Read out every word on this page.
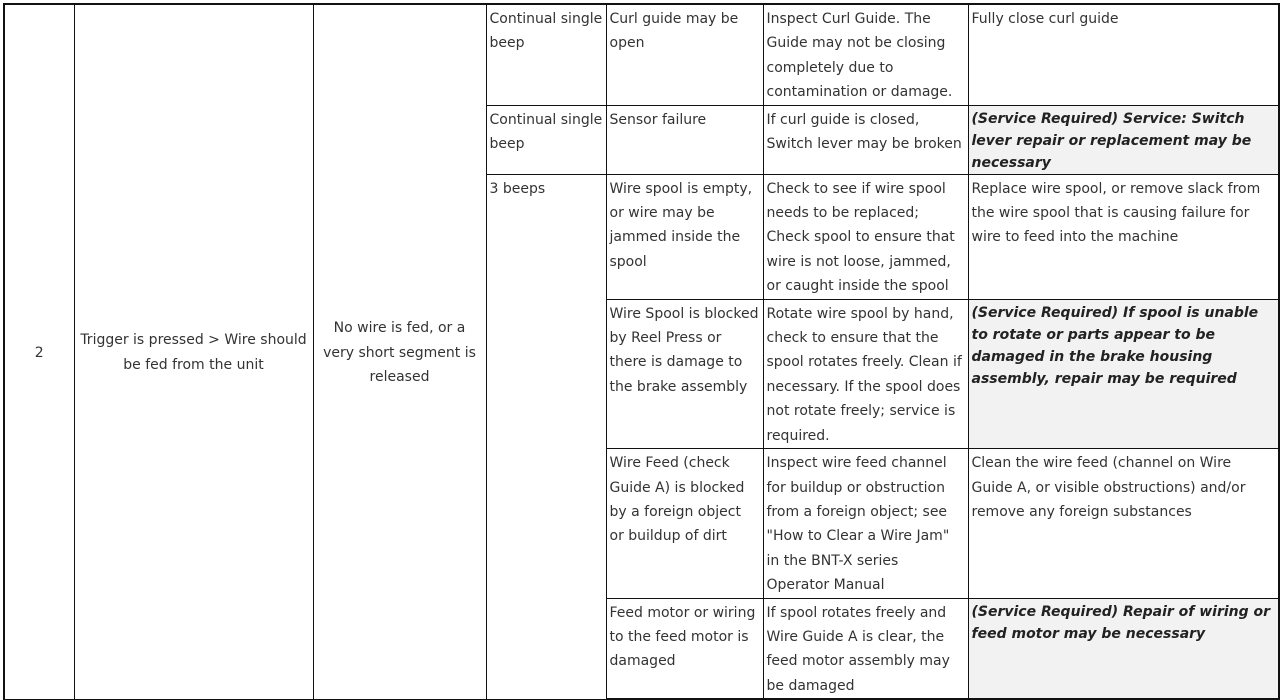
2	Trigger is pressed > Wire should be fed from the unit	No wire is fed, or a very short segment is released	Continual single beep	Curl guide may be open	Inspect Curl Guide. The Guide may not be closing completely due to contamination or damage.	Fully close curl guide
			Continual single beep	Sensor failure	If curl guide is closed, Switch lever may be broken	(Service Required) Service: Switch lever repair or replacement may be necessary
			3 beeps	Wire spool is empty, or wire may be jammed inside the spool	Check to see if wire spool needs to be replaced; Check spool to ensure that wire is not loose, jammed, or caught inside the spool	Replace wire spool, or remove slack from the wire spool that is causing failure for wire to feed into the machine
				Wire Spool is blocked by Reel Press or there is damage to the brake assembly	Rotate wire spool by hand, check to ensure that the spool rotates freely. Clean if necessary. If the spool does not rotate freely; service is required.	(Service Required) If spool is unable to rotate or parts appear to be damaged in the brake housing assembly, repair may be required
				Wire Feed (check Guide A) is blocked by a foreign object or buildup of dirt	Inspect wire feed channel for buildup or obstruction from a foreign object; see "How to Clear a Wire Jam" in the BNT-X series Operator Manual	Clean the wire feed (channel on Wire Guide A, or visible obstructions) and/or remove any foreign substances
				Feed motor or wiring to the feed motor is damaged	If spool rotates freely and Wire Guide A is clear, the feed motor assembly may be damaged	(Service Required) Repair of wiring or feed motor may be necessary
